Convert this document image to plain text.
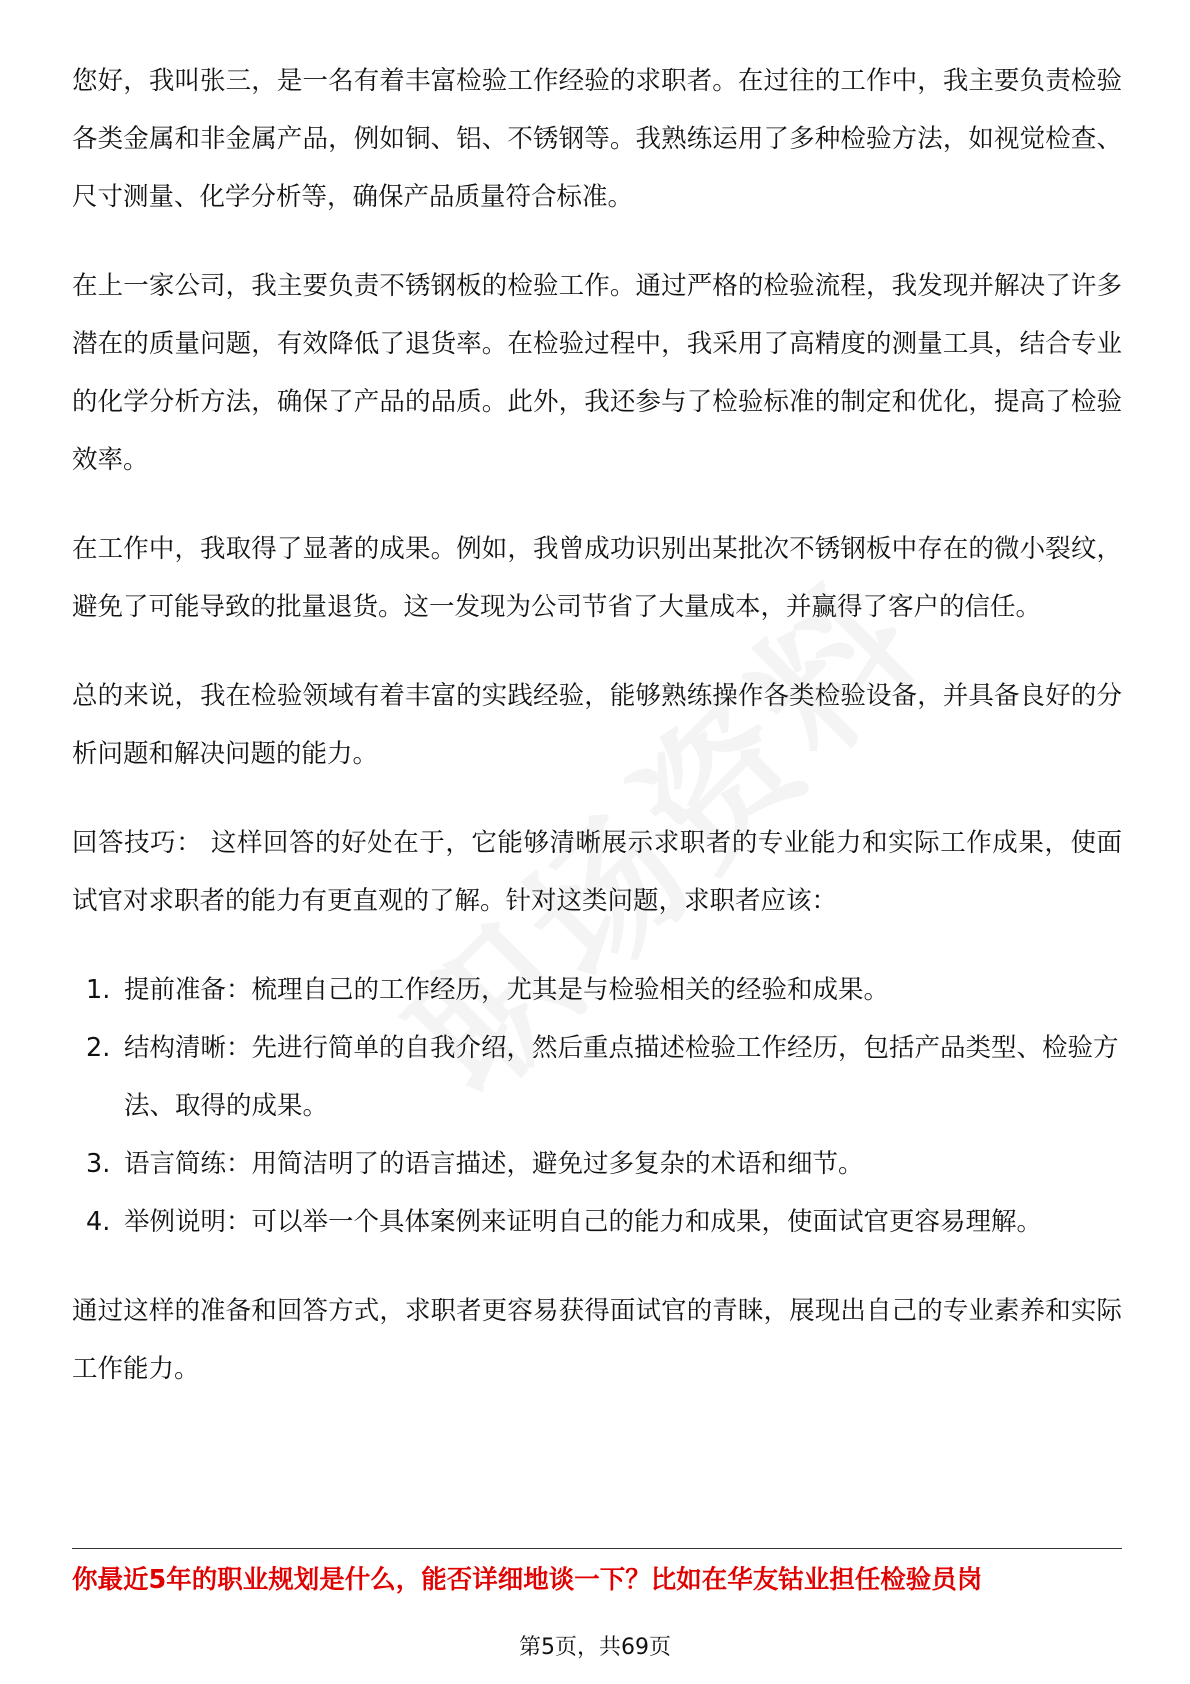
您好，我叫张三，是一名有着丰富检验工作经验的求职者。在过往的工作中，我主要负责检验各类金属和非金属产品，例如铜、铝、不锈钢等。我熟练运用了多种检验方法，如视觉检查、尺寸测量、化学分析等，确保产品质量符合标准。

在上一家公司，我主要负责不锈钢板的检验工作。通过严格的检验流程，我发现并解决了许多潜在的质量问题，有效降低了退货率。在检验过程中，我采用了高精度的测量工具，结合专业的化学分析方法，确保了产品的品质。此外，我还参与了检验标准的制定和优化，提高了检验效率。

在工作中，我取得了显著的成果。例如，我曾成功识别出某批次不锈钢板中存在的微小裂纹，避免了可能导致的批量退货。这一发现为公司节省了大量成本，并赢得了客户的信任。

总的来说，我在检验领域有着丰富的实践经验，能够熟练操作各类检验设备，并具备良好的分析问题和解决问题的能力。

回答技巧： 这样回答的好处在于，它能够清晰展示求职者的专业能力和实际工作成果，使面试官对求职者的能力有更直观的了解。针对这类问题，求职者应该：

1. 提前准备：梳理自己的工作经历，尤其是与检验相关的经验和成果。
2. 结构清晰：先进行简单的自我介绍，然后重点描述检验工作经历，包括产品类型、检验方法、取得的成果。
3. 语言简练：用简洁明了的语言描述，避免过多复杂的术语和细节。
4. 举例说明：可以举一个具体案例来证明自己的能力和成果，使面试官更容易理解。

通过这样的准备和回答方式，求职者更容易获得面试官的青睐，展现出自己的专业素养和实际工作能力。

你最近5年的职业规划是什么，能否详细地谈一下？比如在华友钴业担任检验员岗
第5页，共69页
